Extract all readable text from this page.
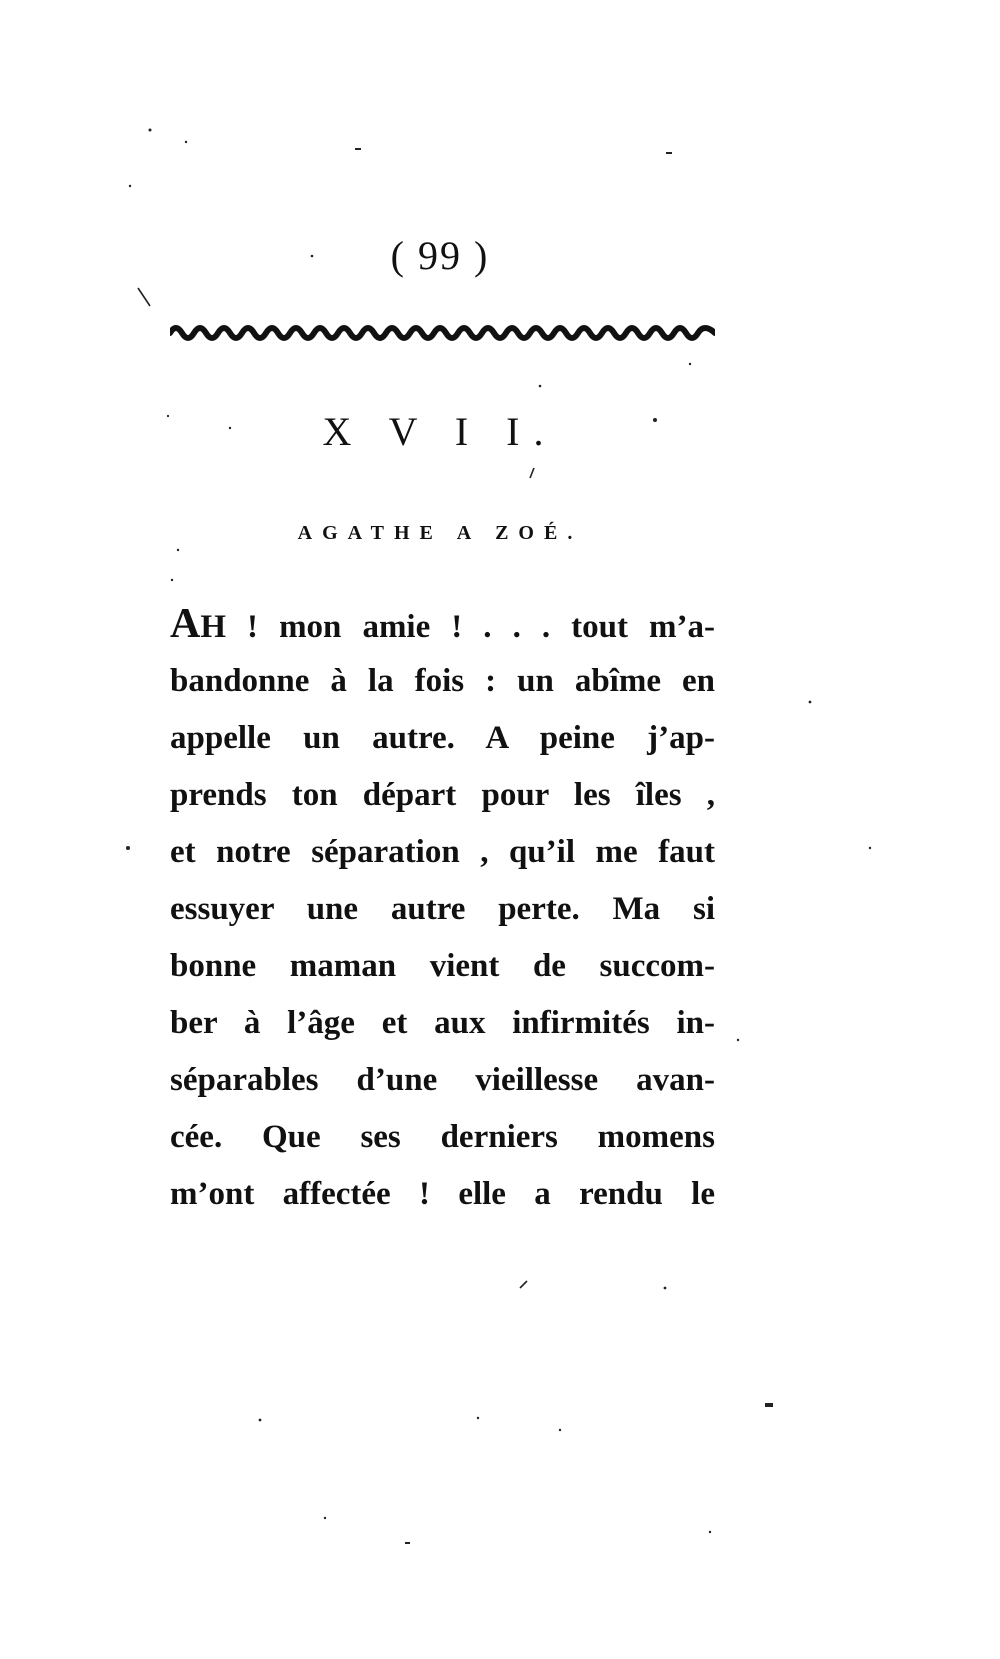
( 99 )
X V I I.
AGATHE A ZOÉ.
AH ! mon amie ! . . . tout m’a-
bandonne à la fois : un abîme en
appelle un autre. A peine j’ap-
prends ton départ pour les îles ,
et notre séparation , qu’il me faut
essuyer une autre perte. Ma si
bonne maman vient de succom-
ber à l’âge et aux infirmités in-
séparables d’une vieillesse avan-
cée. Que ses derniers momens
m’ont affectée ! elle a rendu le
